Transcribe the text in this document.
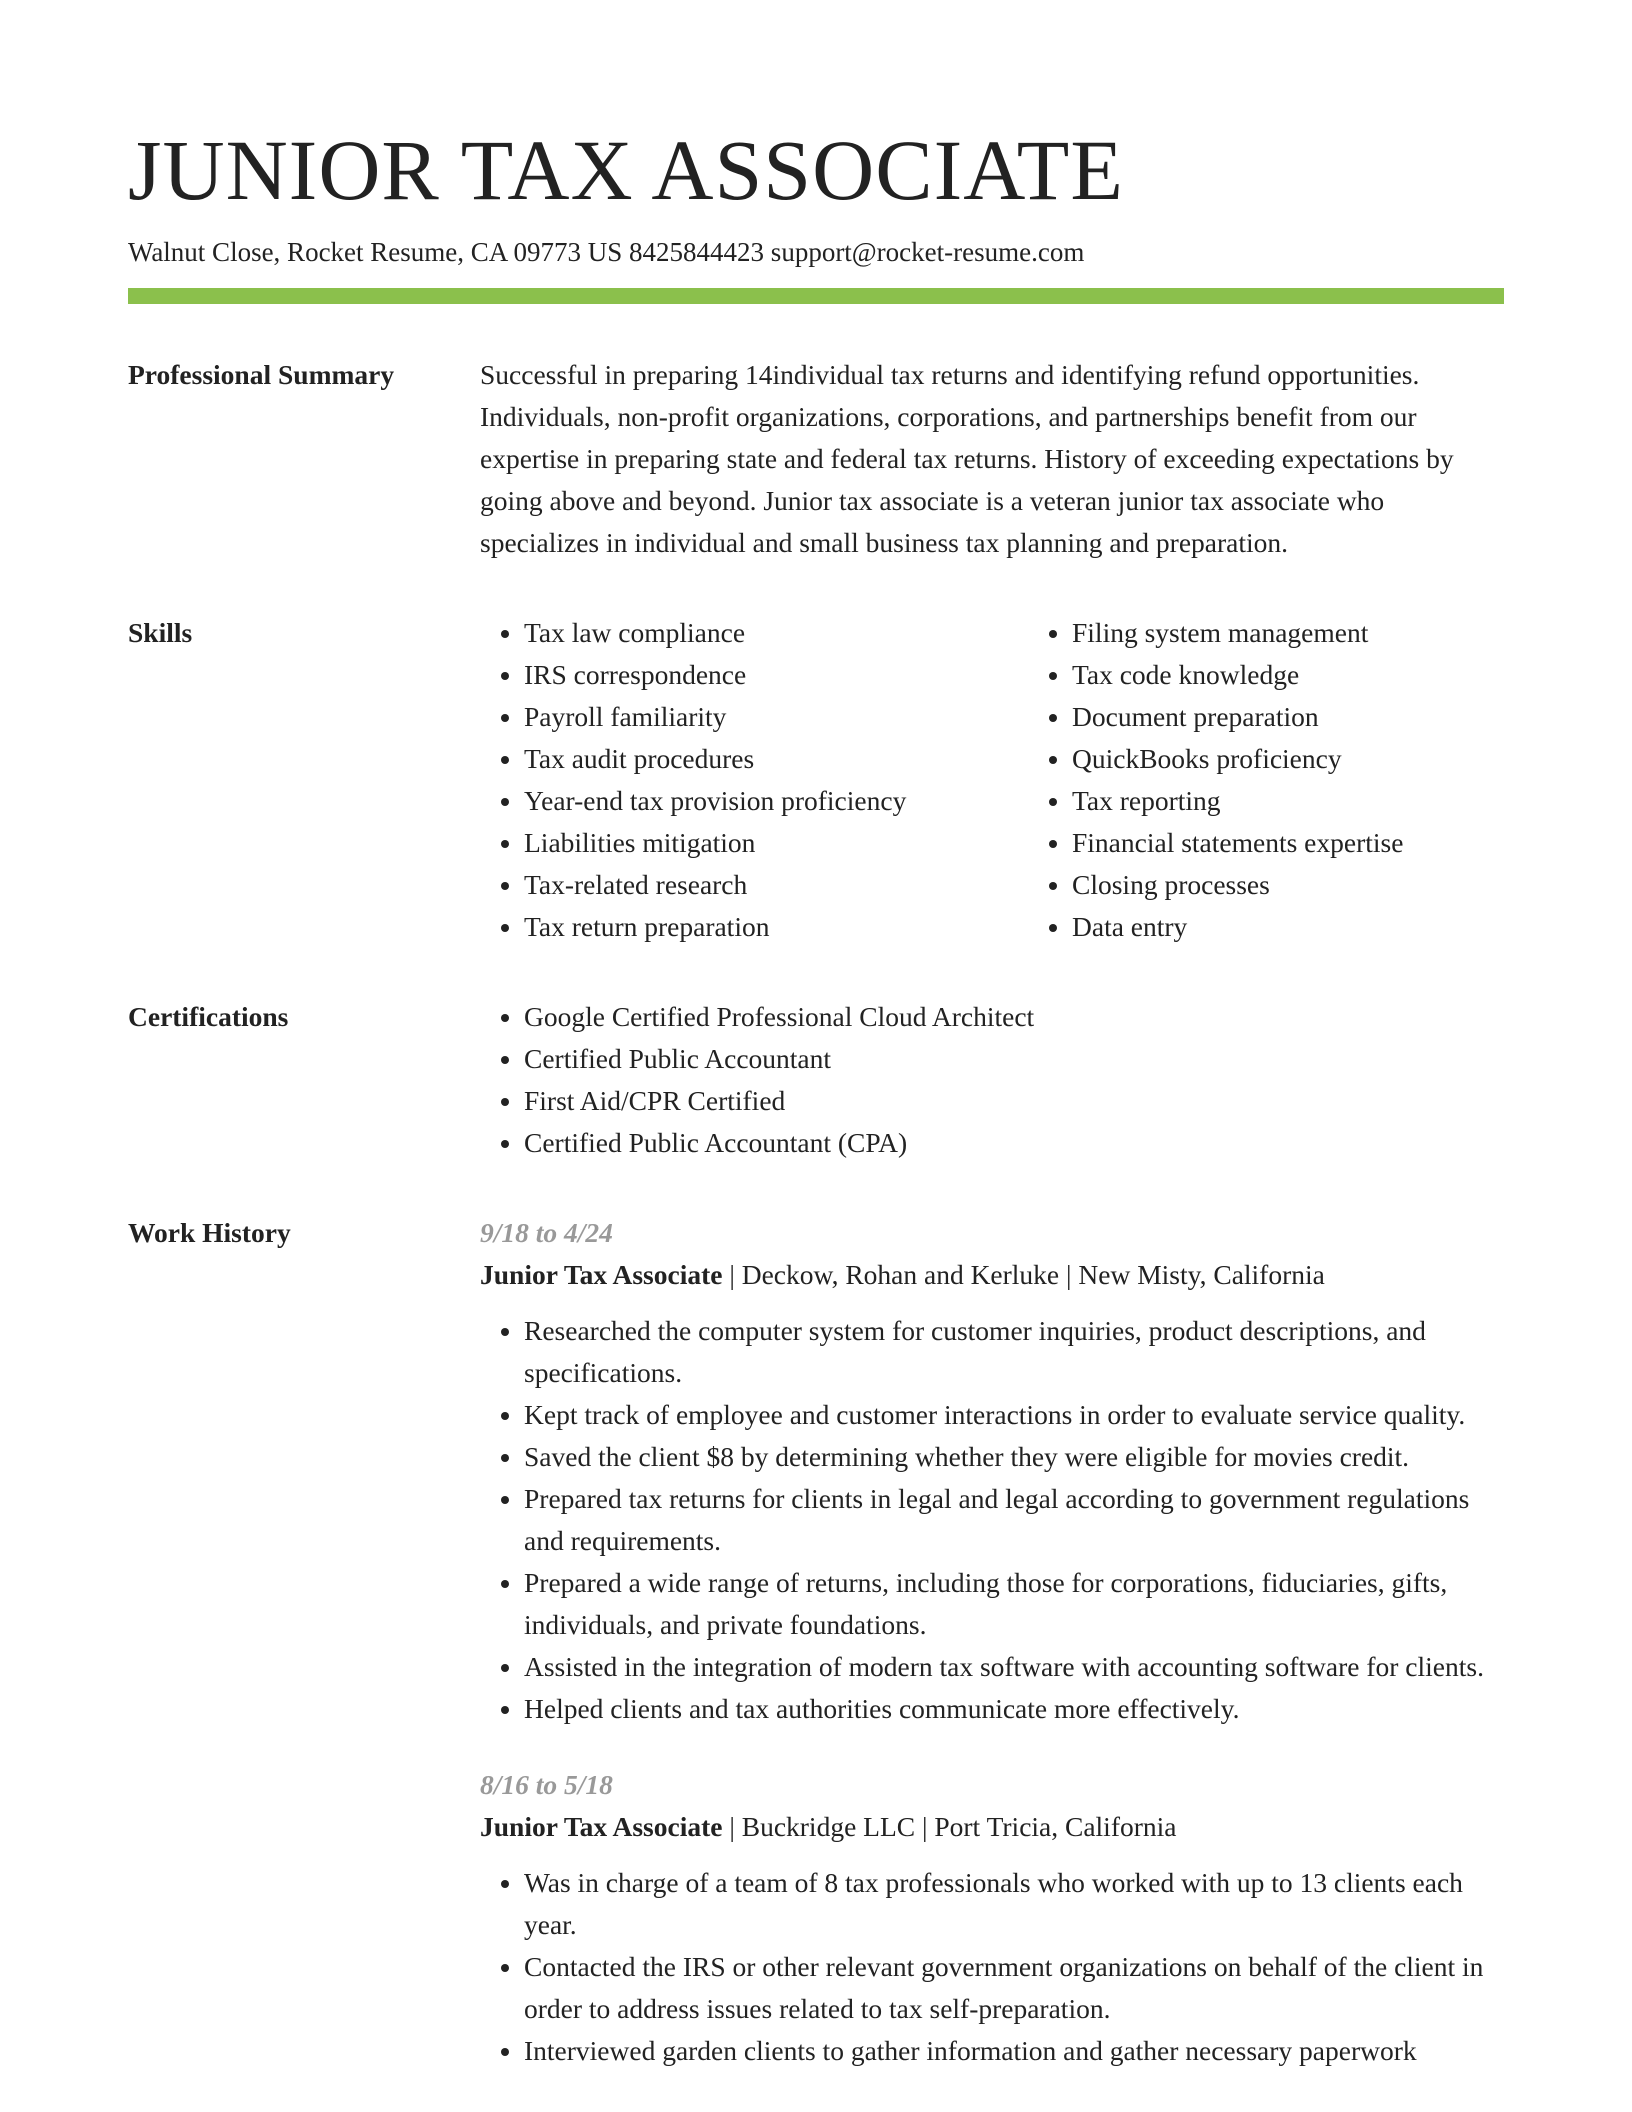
JUNIOR TAX ASSOCIATE
Walnut Close, Rocket Resume, CA 09773 US 8425844423 support@rocket-resume.com
Professional Summary	Successful in preparing 14individual tax returns and identifying refund opportunities. Individuals, non-profit organizations, corporations, and partnerships benefit from our expertise in preparing state and federal tax returns. History of exceeding expectations by going above and beyond. Junior tax associate is a veteran junior tax associate who specializes in individual and small business tax planning and preparation.

Skills	• Tax law compliance
• IRS correspondence
• Payroll familiarity
• Tax audit procedures
• Year-end tax provision proficiency
• Liabilities mitigation
• Tax-related research
• Tax return preparation
• Filing system management
• Tax code knowledge
• Document preparation
• QuickBooks proficiency
• Tax reporting
• Financial statements expertise
• Closing processes
• Data entry
Certifications	• Google Certified Professional Cloud Architect
• Certified Public Accountant
• First Aid/CPR Certified
• Certified Public Accountant (CPA)
Work History	9/18 to 4/24
Junior Tax Associate | Deckow, Rohan and Kerluke | New Misty, California
• Researched the computer system for customer inquiries, product descriptions, and specifications.
• Kept track of employee and customer interactions in order to evaluate service quality.
• Saved the client $8 by determining whether they were eligible for movies credit.
• Prepared tax returns for clients in legal and legal according to government regulations and requirements.
• Prepared a wide range of returns, including those for corporations, fiduciaries, gifts, individuals, and private foundations.
• Assisted in the integration of modern tax software with accounting software for clients.
• Helped clients and tax authorities communicate more effectively.
8/16 to 5/18
Junior Tax Associate | Buckridge LLC | Port Tricia, California
• Was in charge of a team of 8 tax professionals who worked with up to 13 clients each year.
• Contacted the IRS or other relevant government organizations on behalf of the client in order to address issues related to tax self-preparation.
• Interviewed garden clients to gather information and gather necessary paperwork
